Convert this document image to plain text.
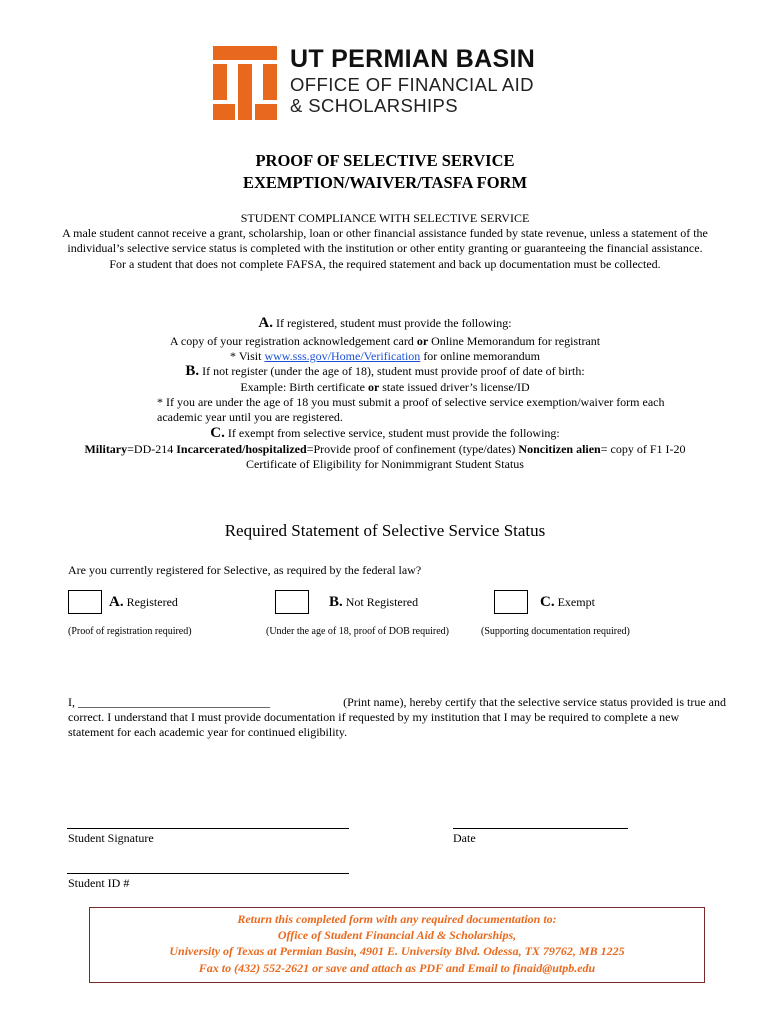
UT PERMIAN BASIN
OFFICE OF FINANCIAL AID
& SCHOLARSHIPS
PROOF OF SELECTIVE SERVICE
EXEMPTION/WAIVER/TASFA FORM
STUDENT COMPLIANCE WITH SELECTIVE SERVICE
A male student cannot receive a grant, scholarship, loan or other financial assistance funded by state revenue, unless a statement of the
individual’s selective service status is completed with the institution or other entity granting or guaranteeing the financial assistance.
For a student that does not complete FAFSA, the required statement and back up documentation must be collected.
A. If registered, student must provide the following:
A copy of your registration acknowledgement card or Online Memorandum for registrant
* Visit www.sss.gov/Home/Verification for online memorandum
B. If not register (under the age of 18), student must provide proof of date of birth:
Example: Birth certificate or state issued driver’s license/ID
* If you are under the age of 18 you must submit a proof of selective service exemption/waiver form each
academic year until you are registered.
C. If exempt from selective service, student must provide the following:
Military=DD-214 Incarcerated/hospitalized=Provide proof of confinement (type/dates) Noncitizen alien= copy of F1 I-20
Certificate of Eligibility for Nonimmigrant Student Status
Required Statement of Selective Service Status
Are you currently registered for Selective, as required by the federal law?
A. Registered
(Proof of registration required)
B. Not Registered
(Under the age of 18, proof of DOB required)
C. Exempt
(Supporting documentation required)
I, ________________________________	(Print name), hereby certify that the selective service status provided is true and
correct. I understand that I must provide documentation if requested by my institution that I may be required to complete a new
statement for each academic year for continued eligibility.
Student Signature	Date
Student ID #
Return this completed form with any required documentation to:
Office of Student Financial Aid & Scholarships,
University of Texas at Permian Basin, 4901 E. University Blvd. Odessa, TX 79762, MB 1225
Fax to (432) 552-2621 or save and attach as PDF and Email to finaid@utpb.edu
